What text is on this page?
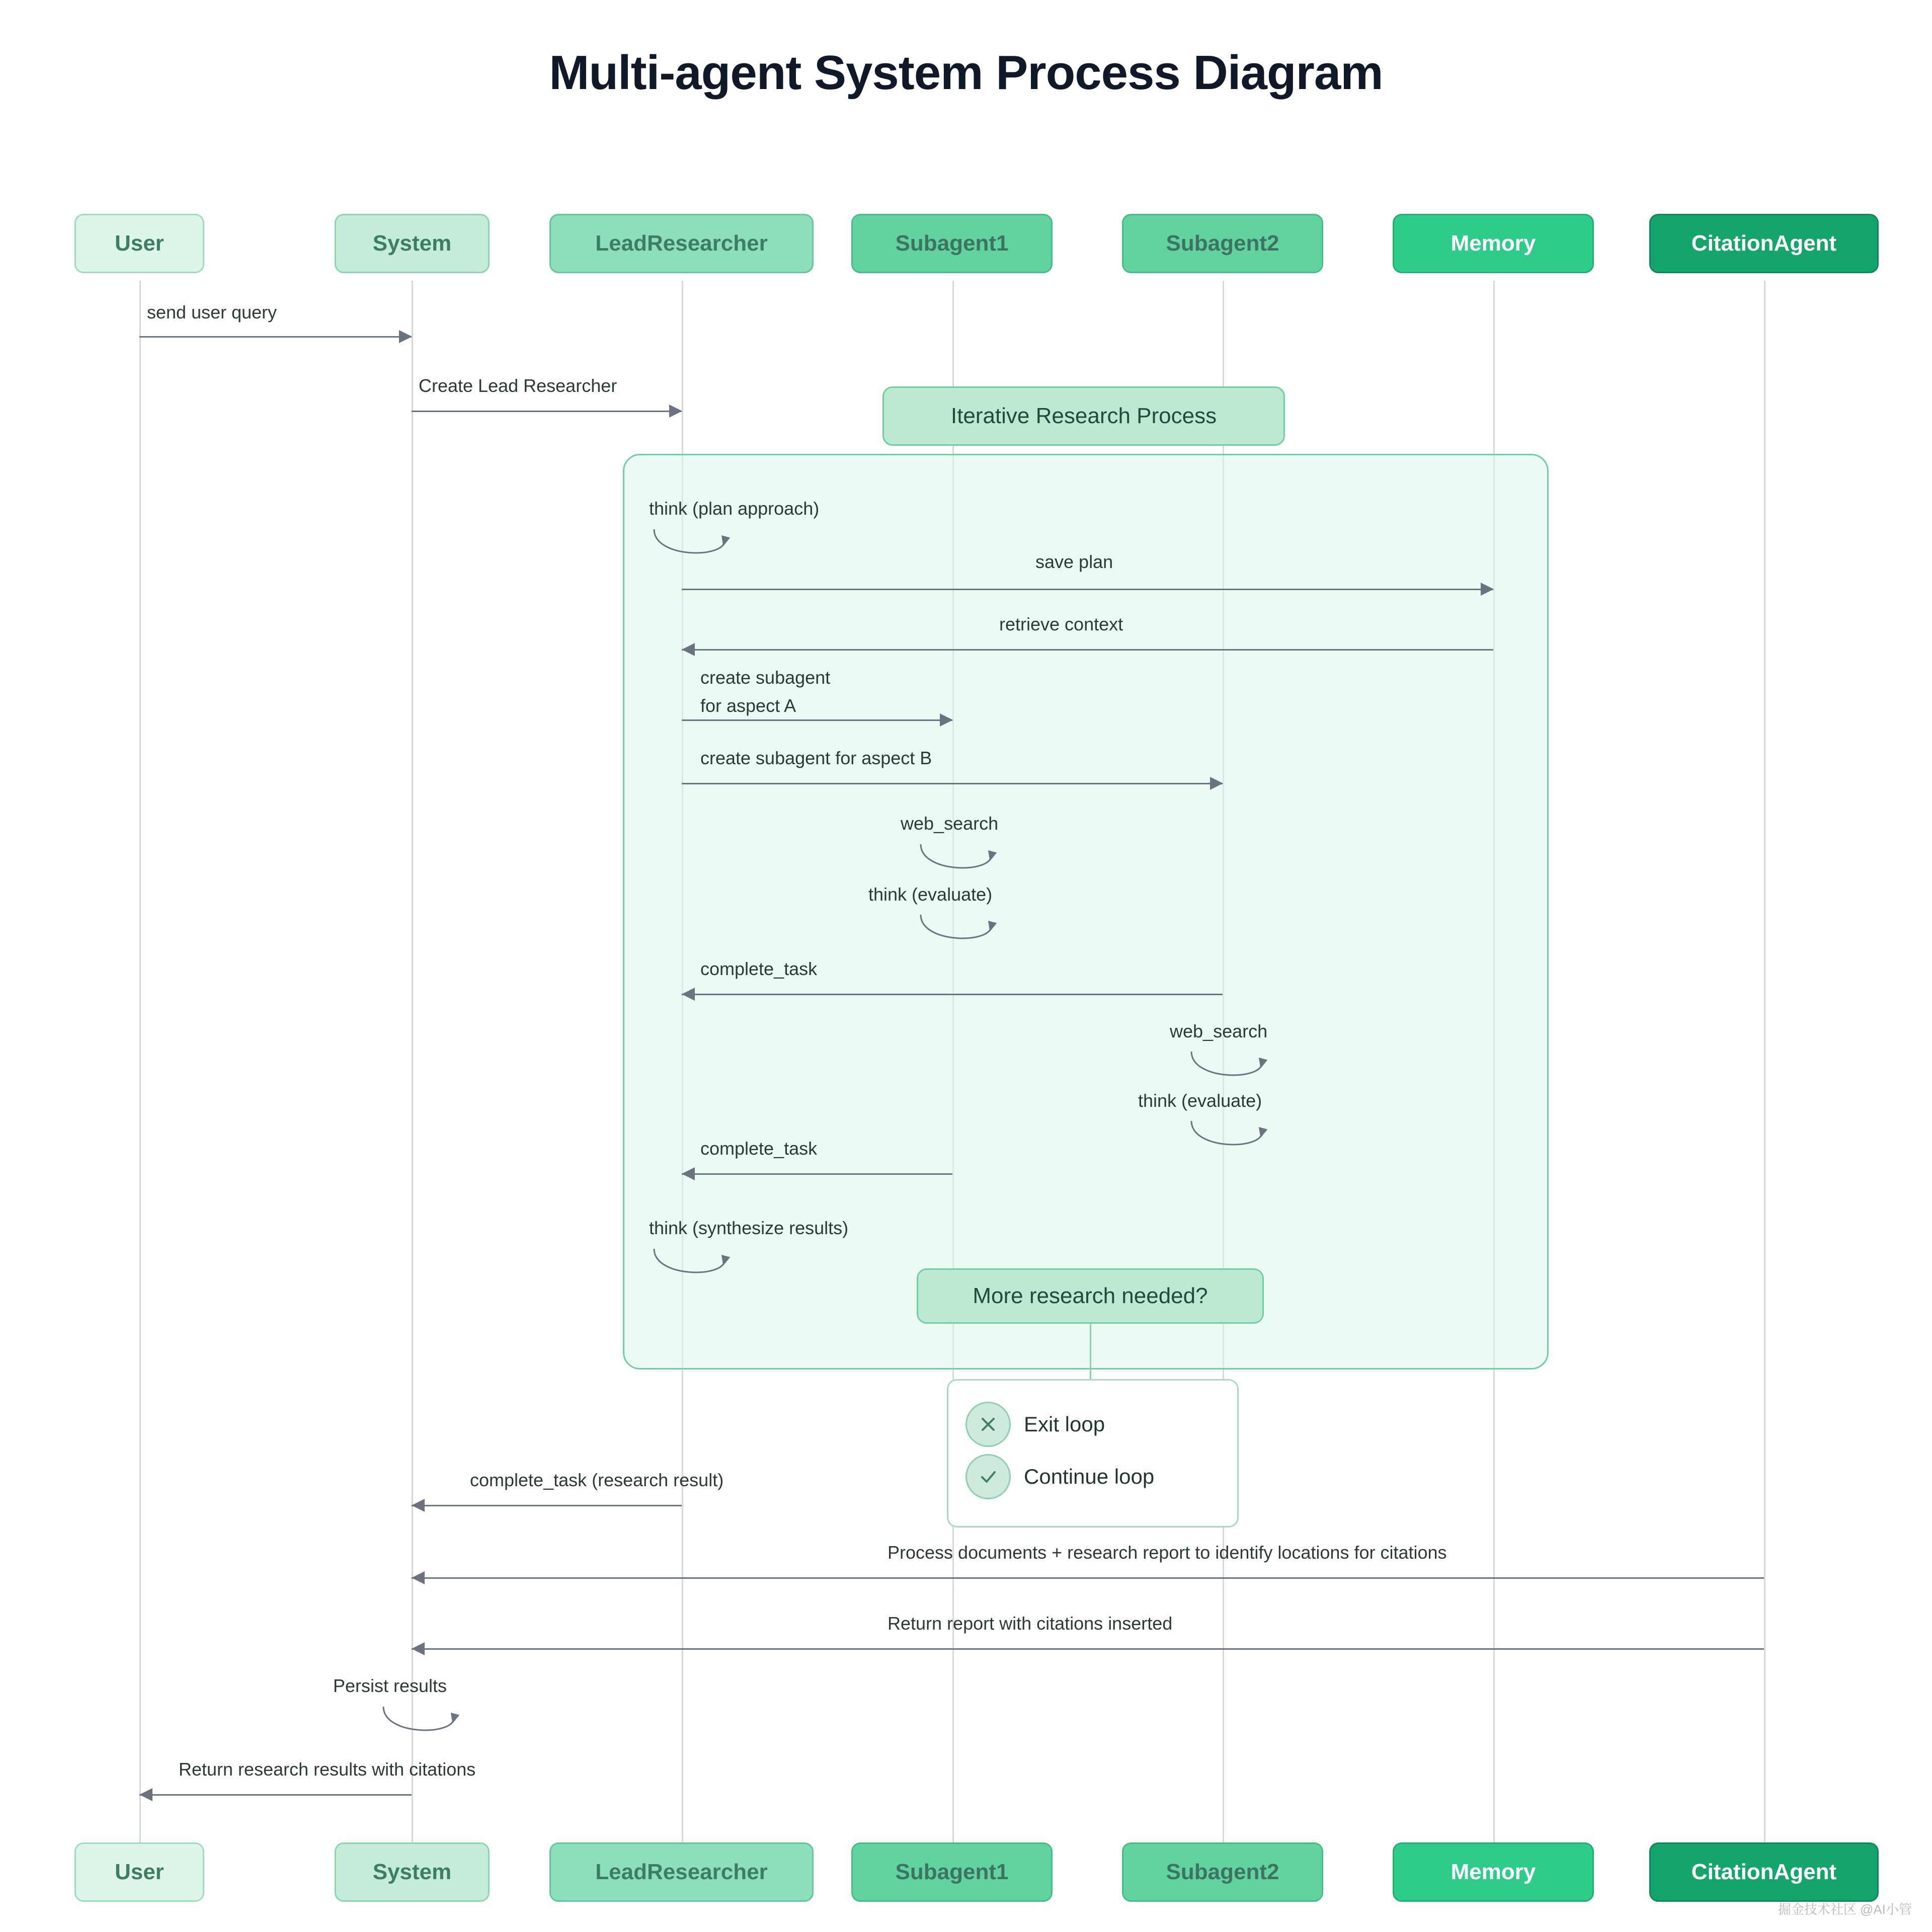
Multi-agent System Process Diagram
User	System	LeadResearcher	Subagent1	Subagent2	Memory	CitationAgent
User	System	LeadResearcher	Subagent1	Subagent2	Memory	CitationAgent
send user query
Create Lead Researcher
Iterative Research Process
think (plan approach)
save plan
retrieve context
create subagent
for aspect A
create subagent for aspect B
web_search
think (evaluate)
complete_task
web_search
think (evaluate)
complete_task
think (synthesize results)
More research needed?
Exit loop
Continue loop
complete_task (research result)
Process documents + research report to identify locations for citations
Return report with citations inserted
Persist results
Return research results with citations
掘金技术社区 @AI小管
